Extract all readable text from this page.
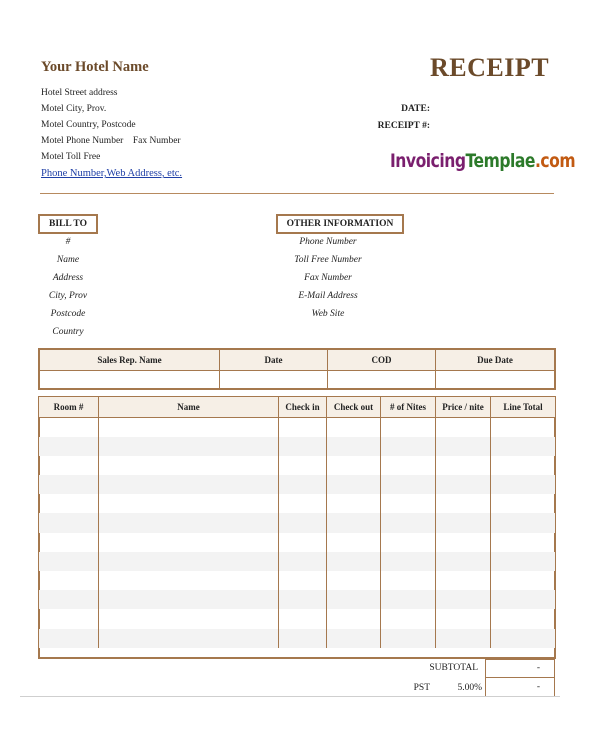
Your Hotel Name	RECEIPT
Hotel Street address
Motel City, Prov.
Motel Country, Postcode
Motel Phone Number    Fax Number
Motel Toll Free
Phone Number,Web Address, etc.
DATE:
RECEIPT #:
InvoicingTemplae.com
BILL TO
#
Name
Address
City, Prov
Postcode
Country
OTHER INFORMATION
Phone Number
Toll Free Number
Fax Number
E-Mail Address
Web Site
Sales Rep. Name	Date	COD	Due Date

Room #	Name	Check in	Check out	# of Nites	Price / nite	Line Total

SUBTOTAL	-
PST	5.00%	-
